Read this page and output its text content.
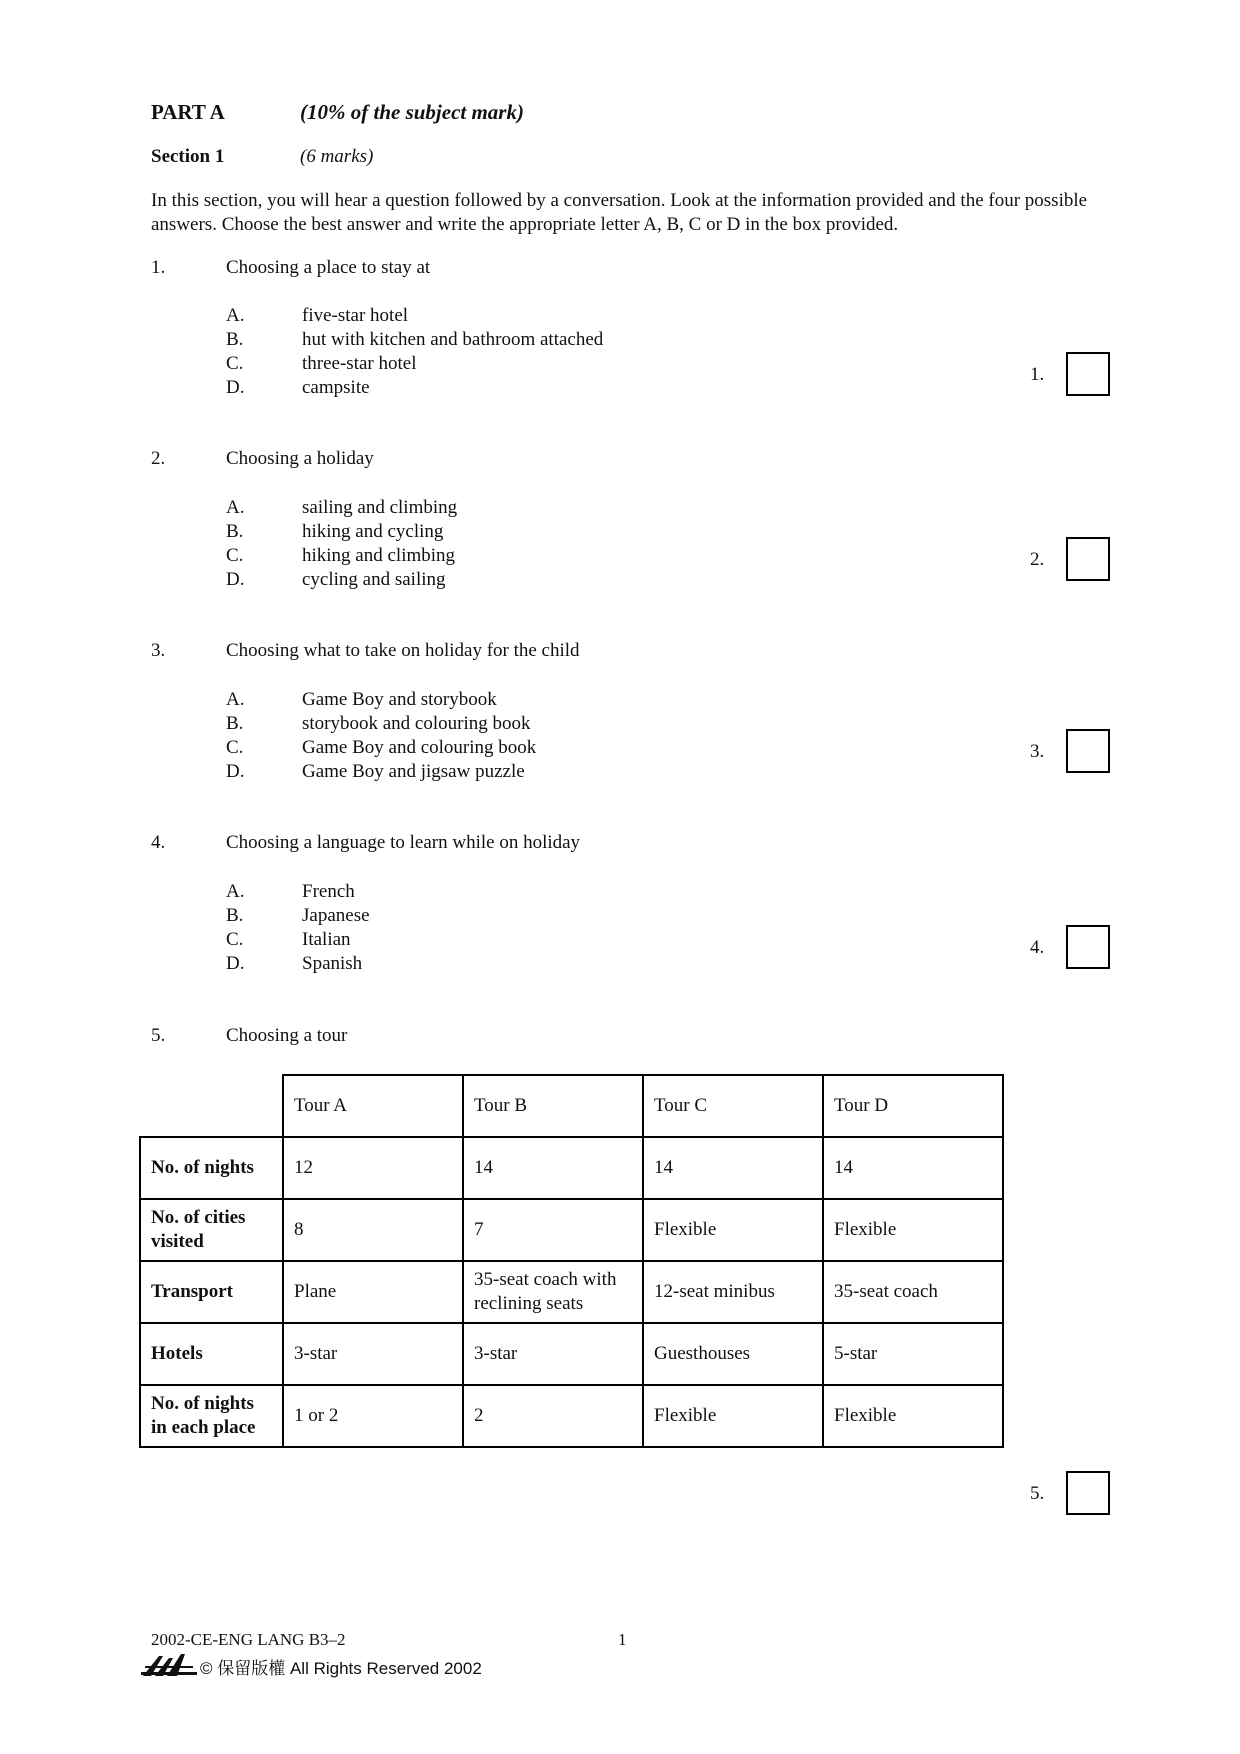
PART A	(10% of the subject mark)
Section 1	(6 marks)
In this section, you will hear a question followed by a conversation. Look at the information provided and the four possible answers. Choose the best answer and write the appropriate letter A, B, C or D in the box provided.
1.	Choosing a place to stay at
A.	five-star hotel
B.	hut with kitchen and bathroom attached
C.	three-star hotel
D.	campsite
1.
2.	Choosing a holiday
A.	sailing and climbing
B.	hiking and cycling
C.	hiking and climbing
D.	cycling and sailing
2.
3.	Choosing what to take on holiday for the child
A.	Game Boy and storybook
B.	storybook and colouring book
C.	Game Boy and colouring book
D.	Game Boy and jigsaw puzzle
3.
4.	Choosing a language to learn while on holiday
A.	French
B.	Japanese
C.	Italian
D.	Spanish
4.
5.	Choosing a tour
	Tour A	Tour B	Tour C	Tour D
No. of nights	12	14	14	14
No. of cities visited	8	7	Flexible	Flexible
Transport	Plane	35-seat coach with reclining seats	12-seat minibus	35-seat coach
Hotels	3-star	3-star	Guesthouses	5-star
No. of nights in each place	1 or 2	2	Flexible	Flexible
5.
2002-CE-ENG LANG B3–2	1
© 保留版權 All Rights Reserved 2002
